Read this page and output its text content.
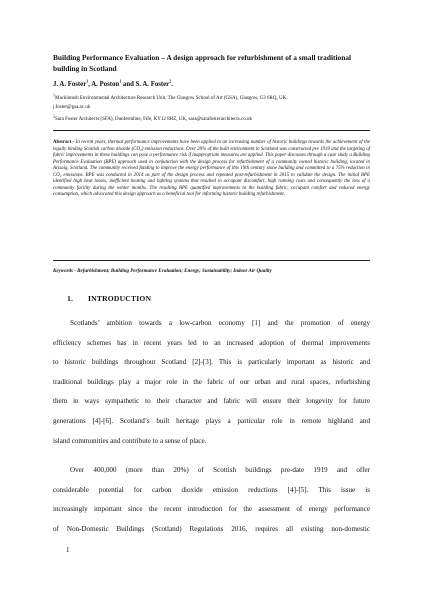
Building Performance Evaluation – A design approach for refurbishment of a small traditional building in Scotland
J. A. Foster$^1$, A. Poston$^1$ and S. A. Foster$^2$.
$^1$Mackintosh Environmental Architecture Research Unit, The Glasgow School of Art (GSA), Glasgow, G3 6RQ, UK.
j.foster@gsa.ac.uk
$^2$Sara Foster Architects (SFA), Dunfermline, Fife, KY12 8HZ, UK, sara@sarafosterarchitects.co.uk
Abstract - In recent years, thermal performance improvements have been applied to an increasing number of historic buildings towards the achievement of the legally binding Scottish carbon dioxide (CO₂) emission reductions. Over 20% of the built environment in Scotland was constructed pre 1919 and the targeting of fabric improvements in these buildings can pose a performance risk if inappropriate measures are applied. This paper discusses through a case study a Building Performance Evaluation (BPE) approach used in conjunction with the design process for refurbishment of a community owned historic building, located in Arisaig, Scotland. The community received funding to improve the energy performance of this 19th century stone building and committed to a 75% reduction in CO₂ emissions. BPE was conducted in 2014 as part of the design process and repeated post-refurbishment in 2015 to validate the design. The initial BPE identified high heat losses, inefficient heating and lighting systems that resulted in occupant discomfort, high running costs and consequently the loss of a community facility during the winter months. The resulting BPE quantified improvements to the building fabric, occupant comfort and reduced energy consumption, which advocated this design approach as a beneficial tool for informing historic building refurbishment.
Keywords - Refurbishment; Building Performance Evaluation; Energy; Sustainability; Indoor Air Quality
1. INTRODUCTION
Scotlands’ ambition towards a low-carbon economy [1] and the promotion of energy
efficiency schemes has in recent years led to an increased adoption of thermal improvements
to historic buildings throughout Scotland [2]-[3]. This is particularly important as historic and
traditional buildings play a major role in the fabric of our urban and rural spaces, refurbishing
them in ways sympathetic to their character and fabric will ensure their longevity for future
generations [4]-[6]. Scotland’s built heritage plays a particular role in remote highland and
island communities and contribute to a sense of place.
Over 400,000 (more than 20%) of Scottish buildings pre-date 1919 and offer
considerable potential for carbon dioxide emission reductions [4]-[5]. This issue is
increasingly important since the recent introduction for the assessment of energy performance
of Non-Domestic Buildings (Scotland) Regulations 2016, requires all existing non-domestic
1
